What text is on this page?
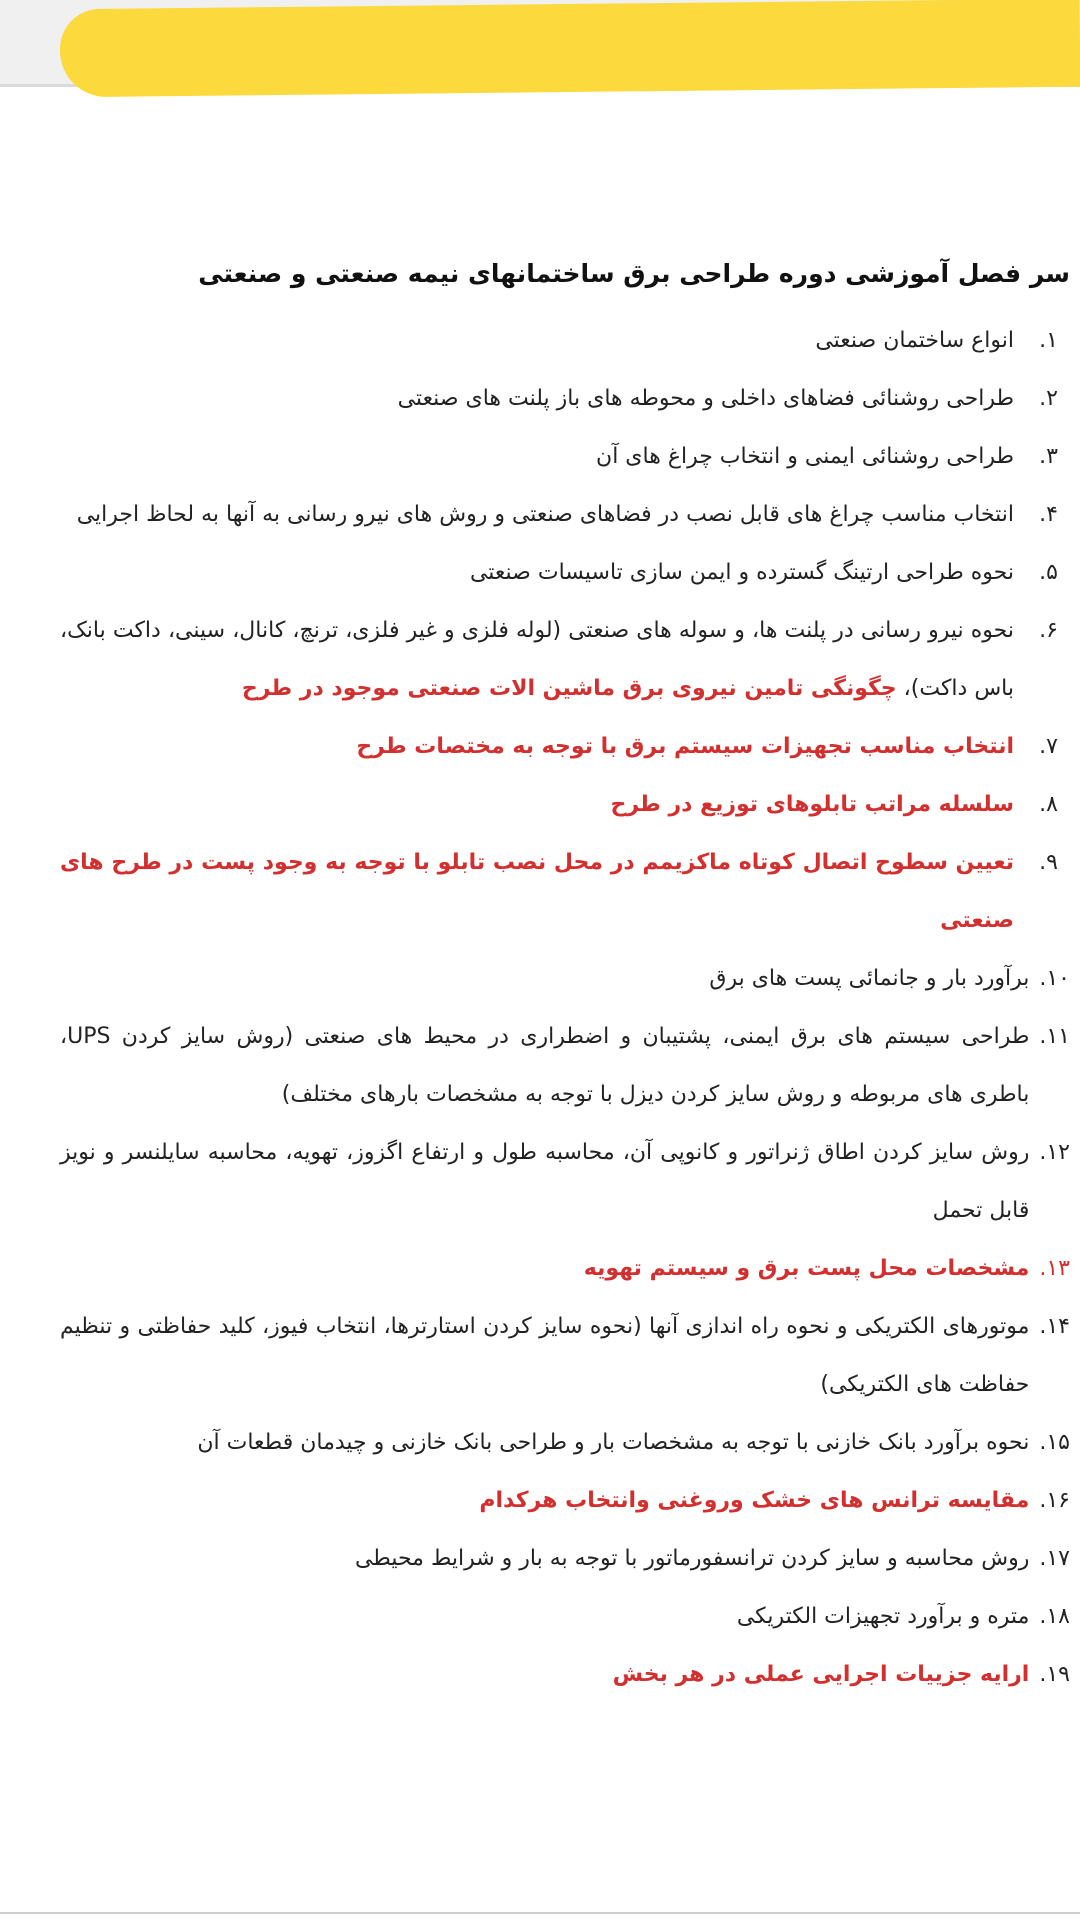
سر فصل آموزشی دوره طراحی برق ساختمانهای نیمه صنعتی و صنعتی
۱.
انواع ساختمان صنعتی
۲.
طراحی روشنائی فضاهای داخلی و محوطه های باز پلنت های صنعتی
۳.
طراحی روشنائی ایمنی و انتخاب چراغ های آن
۴.
انتخاب مناسب چراغ های قابل نصب در فضاهای صنعتی و روش های نیرو رسانی به آنها به لحاظ اجرایی
۵.
نحوه طراحی ارتینگ گسترده و ایمن سازی تاسیسات صنعتی
۶.
نحوه نیرو رسانی در پلنت ها، و سوله های صنعتی (لوله فلزی و غیر فلزی، ترنچ، کانال، سینی، داکت بانک، باس داکت)، چگونگی تامین نیروی برق ماشین الات صنعتی موجود در طرح
۷.
انتخاب مناسب تجهیزات سیستم برق با توجه به مختصات طرح
۸.
سلسله مراتب تابلوهای توزیع در طرح
۹.
تعیین سطوح اتصال کوتاه ماکزیمم در محل نصب تابلو با توجه به وجود پست در طرح های صنعتی
۱۰.
برآورد بار و جانمائی پست های برق
۱۱.
طراحی سیستم های برق ایمنی، پشتیبان و اضطراری در محیط های صنعتی (روش سایز کردن UPS، باطری های مربوطه و روش سایز کردن دیزل با توجه به مشخصات بارهای مختلف)
۱۲.
روش سایز کردن اطاق ژنراتور و کانوپی آن، محاسبه طول و ارتفاع اگزوز، تهویه، محاسبه سایلنسر و نویز قابل تحمل
۱۳.
مشخصات محل پست برق و سیستم تهویه
۱۴.
موتورهای الکتریکی و نحوه راه اندازی آنها (نحوه سایز کردن استارترها، انتخاب فیوز، کلید حفاظتی و تنظیم حفاظت های الکتریکی)
۱۵.
نحوه برآورد بانک خازنی با توجه به مشخصات بار و طراحی بانک خازنی و چیدمان قطعات آن
۱۶.
مقایسه ترانس های خشک وروغنی وانتخاب هرکدام
۱۷.
روش محاسبه و سایز کردن ترانسفورماتور با توجه به بار و شرایط محیطی
۱۸.
متره و برآورد تجهیزات الکتریکی
۱۹.
ارایه جزییات اجرایی عملی در هر بخش
